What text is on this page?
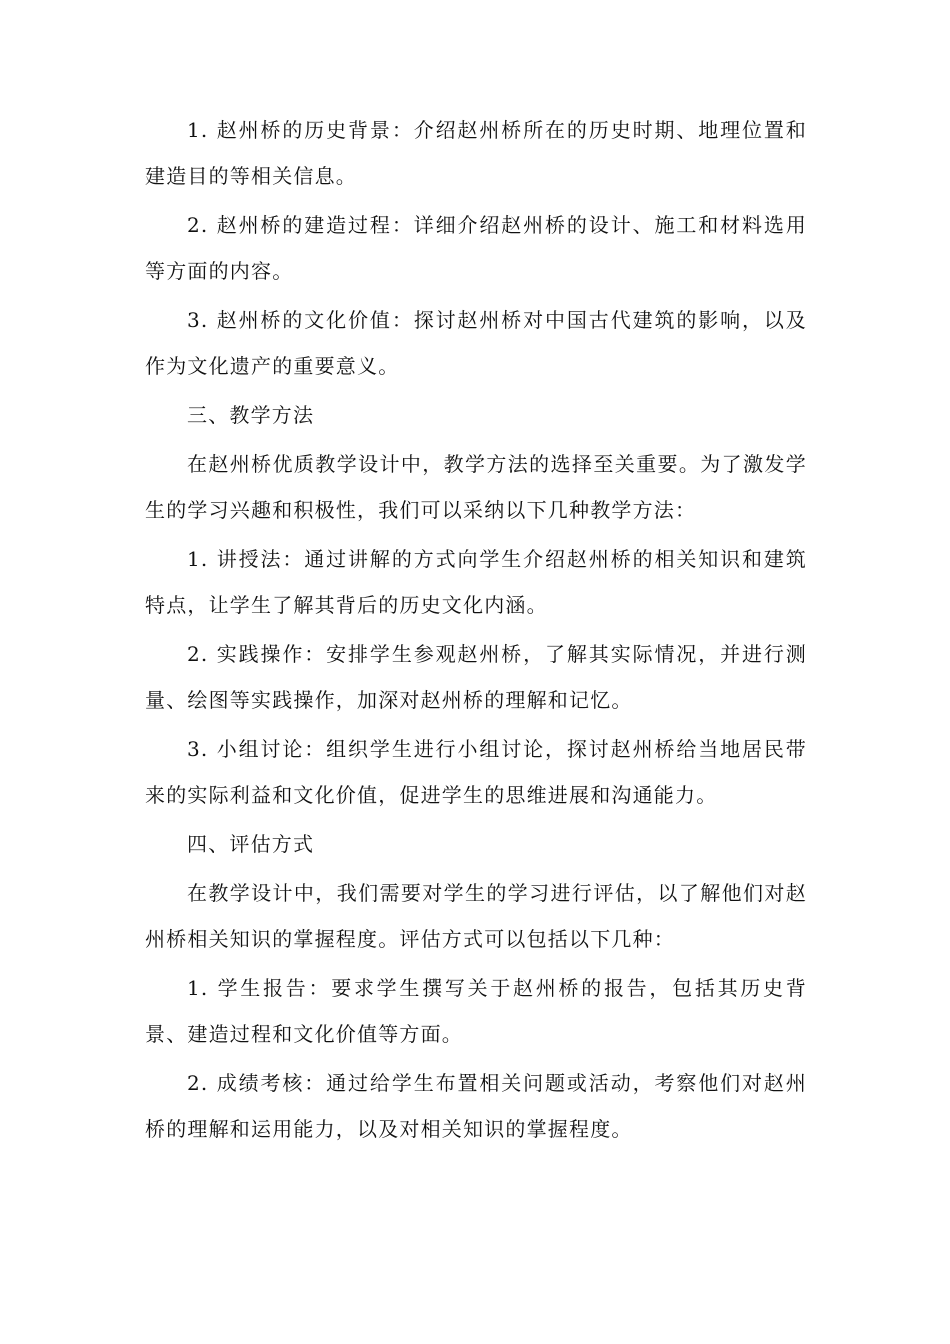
1. 赵州桥的历史背景：介绍赵州桥所在的历史时期、地理位置和建造目的等相关信息。

2. 赵州桥的建造过程：详细介绍赵州桥的设计、施工和材料选用等方面的内容。

3. 赵州桥的文化价值：探讨赵州桥对中国古代建筑的影响，以及作为文化遗产的重要意义。

三、教学方法

在赵州桥优质教学设计中，教学方法的选择至关重要。为了激发学生的学习兴趣和积极性，我们可以采纳以下几种教学方法：

1. 讲授法：通过讲解的方式向学生介绍赵州桥的相关知识和建筑特点，让学生了解其背后的历史文化内涵。

2. 实践操作：安排学生参观赵州桥，了解其实际情况，并进行测量、绘图等实践操作，加深对赵州桥的理解和记忆。

3. 小组讨论：组织学生进行小组讨论，探讨赵州桥给当地居民带来的实际利益和文化价值，促进学生的思维进展和沟通能力。

四、评估方式

在教学设计中，我们需要对学生的学习进行评估，以了解他们对赵州桥相关知识的掌握程度。评估方式可以包括以下几种：

1. 学生报告：要求学生撰写关于赵州桥的报告，包括其历史背景、建造过程和文化价值等方面。

2. 成绩考核：通过给学生布置相关问题或活动，考察他们对赵州桥的理解和运用能力，以及对相关知识的掌握程度。
